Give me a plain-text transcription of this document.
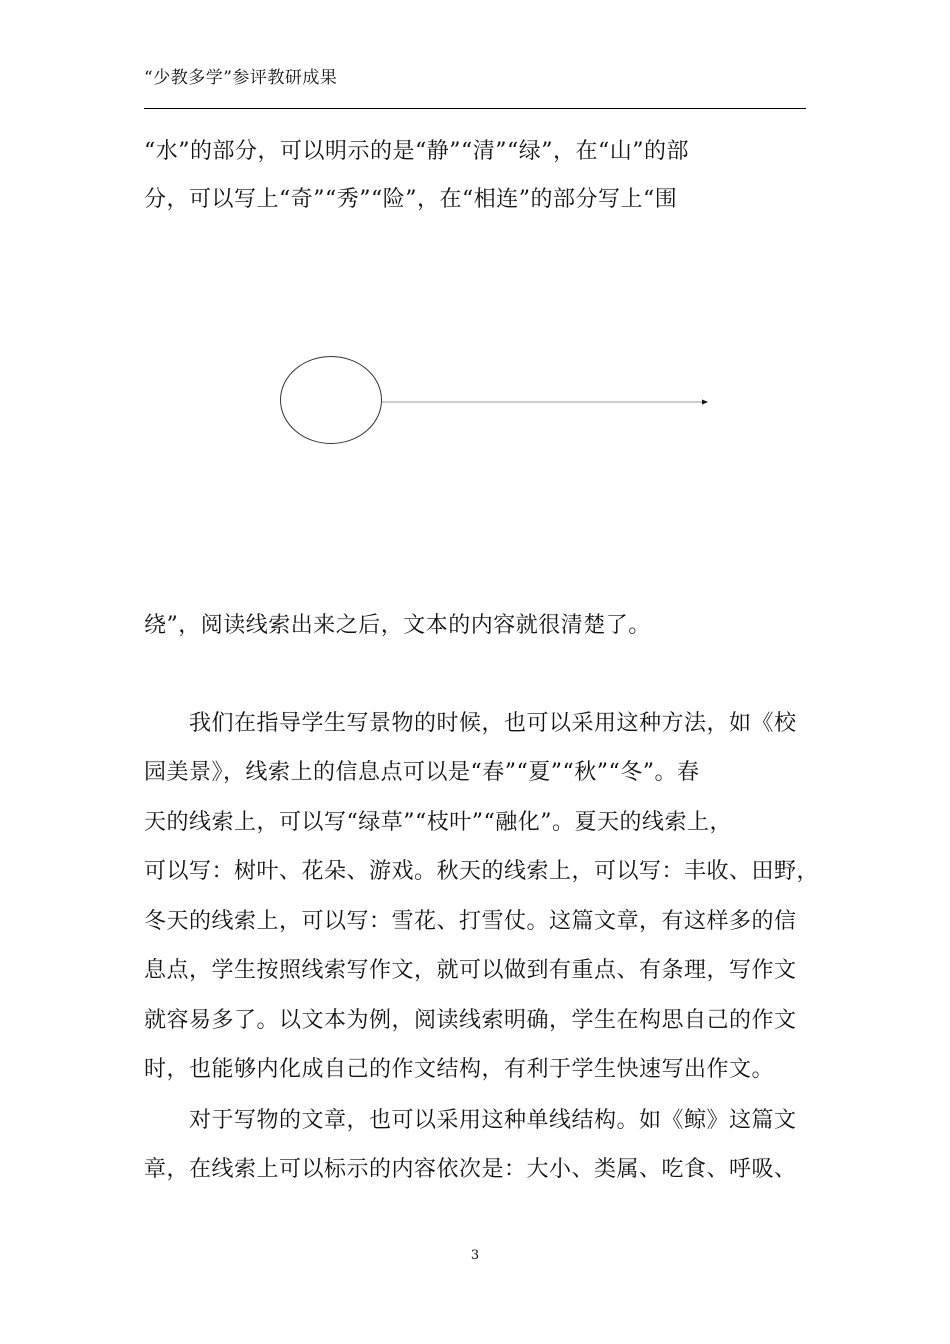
“少教多学”参评教研成果
“水”的部分，可以明示的是“静”“清”“绿”，在“山”的部
分，可以写上“奇”“秀”“险”，在“相连”的部分写上“围
绕”，阅读线索出来之后，文本的内容就很清楚了。
我们在指导学生写景物的时候，也可以采用这种方法，如《校
园美景》，线索上的信息点可以是“春”“夏”“秋”“冬”。春
天的线索上，可以写“绿草”“枝叶”“融化”。夏天的线索上，
可以写：树叶、花朵、游戏。秋天的线索上，可以写：丰收、田野，
冬天的线索上，可以写：雪花、打雪仗。这篇文章，有这样多的信
息点，学生按照线索写作文，就可以做到有重点、有条理，写作文
就容易多了。以文本为例，阅读线索明确，学生在构思自己的作文
时，也能够内化成自己的作文结构，有利于学生快速写出作文。
对于写物的文章，也可以采用这种单线结构。如《鲸》这篇文
章，在线索上可以标示的内容依次是：大小、类属、吃食、呼吸、
3
